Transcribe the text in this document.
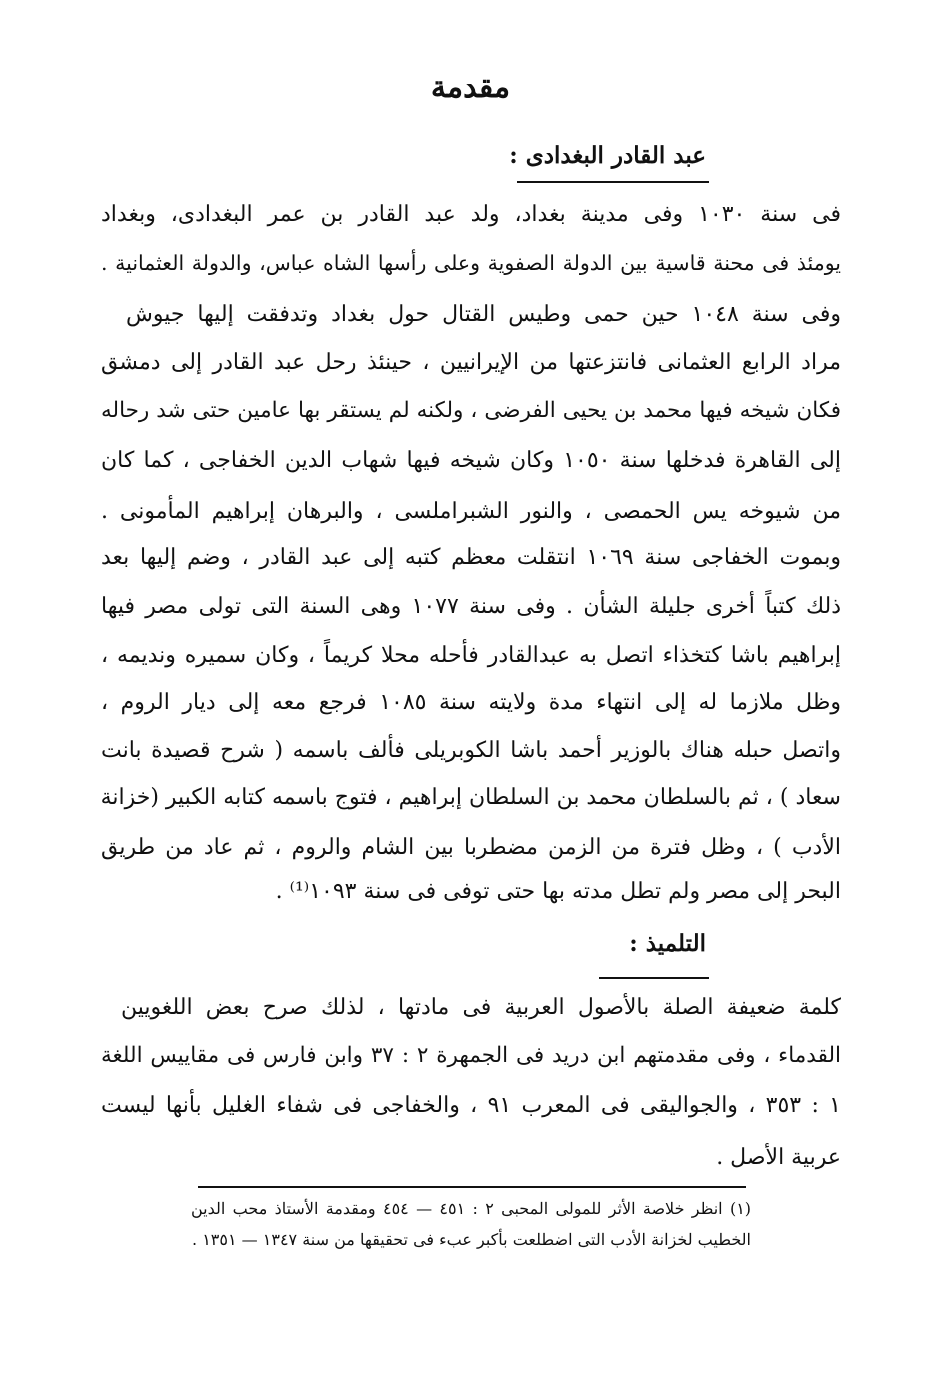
مقدمة
عبد القادر البغدادى :
فى سنة ١٠٣٠ وفى مدينة بغداد، ولد عبد القادر بن عمر البغدادى، وبغداد
يومئذ فى محنة قاسية بين الدولة الصفوية وعلى رأسها الشاه عباس، والدولة العثمانية .
وفى سنة ١٠٤٨ حين حمى وطيس القتال حول بغداد وتدفقت إليها جيوش
مراد الرابع العثمانى فانتزعتها من الإيرانيين ، حينئذ رحل عبد القادر إلى دمشق
فكان شيخه فيها محمد بن يحيى الفرضى ، ولكنه لم يستقر بها عامين حتى شد رحاله
إلى القاهرة فدخلها سنة ١٠٥٠ وكان شيخه فيها شهاب الدين الخفاجى ، كما كان
من شيوخه يس الحمصى ، والنور الشبراملسى ، والبرهان إبراهيم المأمونى .
وبموت الخفاجى سنة ١٠٦٩ انتقلت معظم كتبه إلى عبد القادر ، وضم إليها بعد
ذلك كتباً أخرى جليلة الشأن . وفى سنة ١٠٧٧ وهى السنة التى تولى مصر فيها
إبراهيم باشا كتخذاء اتصل به عبدالقادر فأحله محلا كريماً ، وكان سميره ونديمه ،
وظل ملازما له إلى انتهاء مدة ولايته سنة ١٠٨٥ فرجع معه إلى ديار الروم ،
واتصل حبله هناك بالوزير أحمد باشا الكوبريلى فألف باسمه ( شرح قصيدة بانت
سعاد ) ، ثم بالسلطان محمد بن السلطان إبراهيم ، فتوج باسمه كتابه الكبير (خزانة
الأدب ) ، وظل فترة من الزمن مضطربا بين الشام والروم ، ثم عاد من طريق
البحر إلى مصر ولم تطل مدته بها حتى توفى فى سنة ١٠٩٣⁽¹⁾ .
التلميذ :
كلمة ضعيفة الصلة بالأصول العربية فى مادتها ، لذلك صرح بعض اللغويين
القدماء ، وفى مقدمتهم ابن دريد فى الجمهرة ٢ : ٣٧ وابن فارس فى مقاييس اللغة
١ : ٣٥٣ ، والجواليقى فى المعرب ٩١ ، والخفاجى فى شفاء الغليل بأنها ليست
عربية الأصل .
(١) انظر خلاصة الأثر للمولى المحبى ٢ : ٤٥١ — ٤٥٤ ومقدمة الأستاذ محب الدين
الخطيب لخزانة الأدب التى اضطلعت بأكبر عبء فى تحقيقها من سنة ١٣٤٧ — ١٣٥١ .
